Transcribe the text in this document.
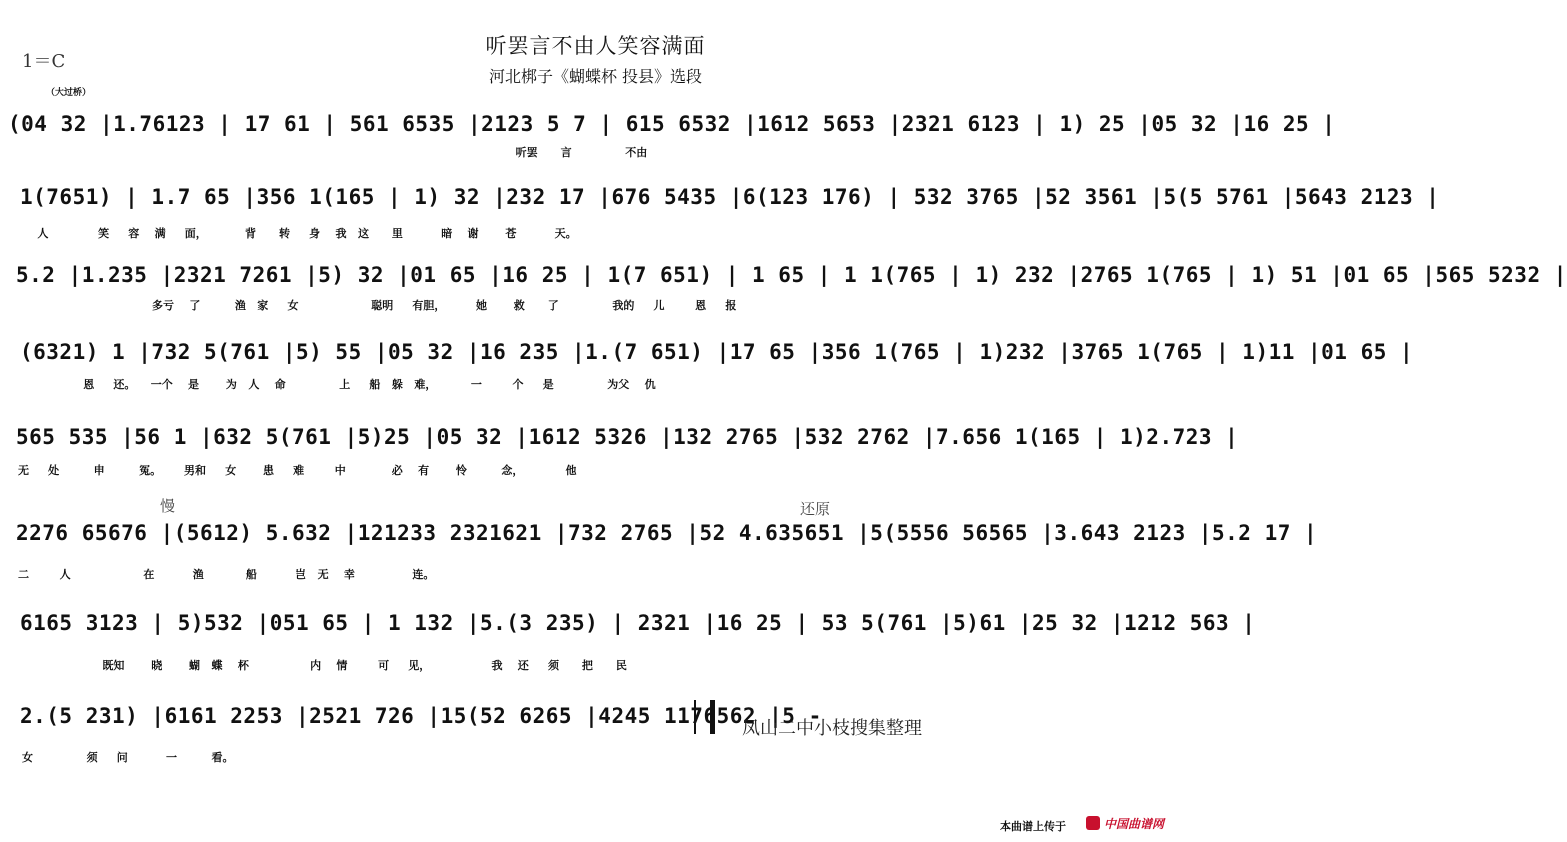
听罢言不由人笑容满面
河北梆子《蝴蝶杯 投县》选段
1＝C
（大过桥）
(04 32 |1.76123 | 17 61 | 561 6535 |2123 5 7 | 615 6532 |1612 5653 |2321 6123 | 1) 25 |05 32 |16 25 |
听罢      言              不由
1(7651) | 1.7 65 |356 1(165 | 1) 32 |232 17 |676 5435 |6(123 176) | 532 3765 |52 3561 |5(5 5761 |5643 2123 |
人             笑     容    满     面，          背      转     身    我   这      里          暗    谢       苍          天。
5.2 |1.235 |2321 7261 |5) 32 |01 65 |16 25 | 1(7 651) | 1 65 | 1 1(765 | 1) 232 |2765 1(765 | 1) 51 |01 65 |565 5232 |
多亏    了         渔   家     女                   聪明     有胆，        她       救      了              我的     儿        恩     报
(6321) 1 |732 5(761 |5) 55 |05 32 |16 235 |1.(7 651) |17 65 |356 1(765 | 1)232 |3765 1(765 | 1)11 |01 65 |
恩     还。    一个    是       为   人    命              上     船   躲   难，         一        个     是              为父    仇
565 535 |56 1 |632 5(761 |5)25 |05 32 |1612 5326 |132 2765 |532 2762 |7.656 1(165 | 1)2.723 |
无     处         申         冤。      男和     女       患     难        中            必    有       怜         念，           他
慢	还原
2276 65676 |(5612) 5.632 |121233 2321621 |732 2765 |52 4.635651 |5(5556 56565 |3.643 2123 |5.2 17 |
二        人                   在          渔           船          岂   无    幸               连。
6165 3123 | 5)532 |051 65 | 1 132 |5.(3 235) | 2321 |16 25 | 53 5(761 |5)61 |25 32 |1212 563 |
既知       晓       蝴   蝶    杯                内    情        可     见，                我    还     须      把      民
2.(5 231) |6161 2253 |2521 726 |15(52 6265 |4245 1176562 |5 -
女              须     问          一         看。
凤山二中小枝搜集整理
本曲谱上传于	中国曲谱网
